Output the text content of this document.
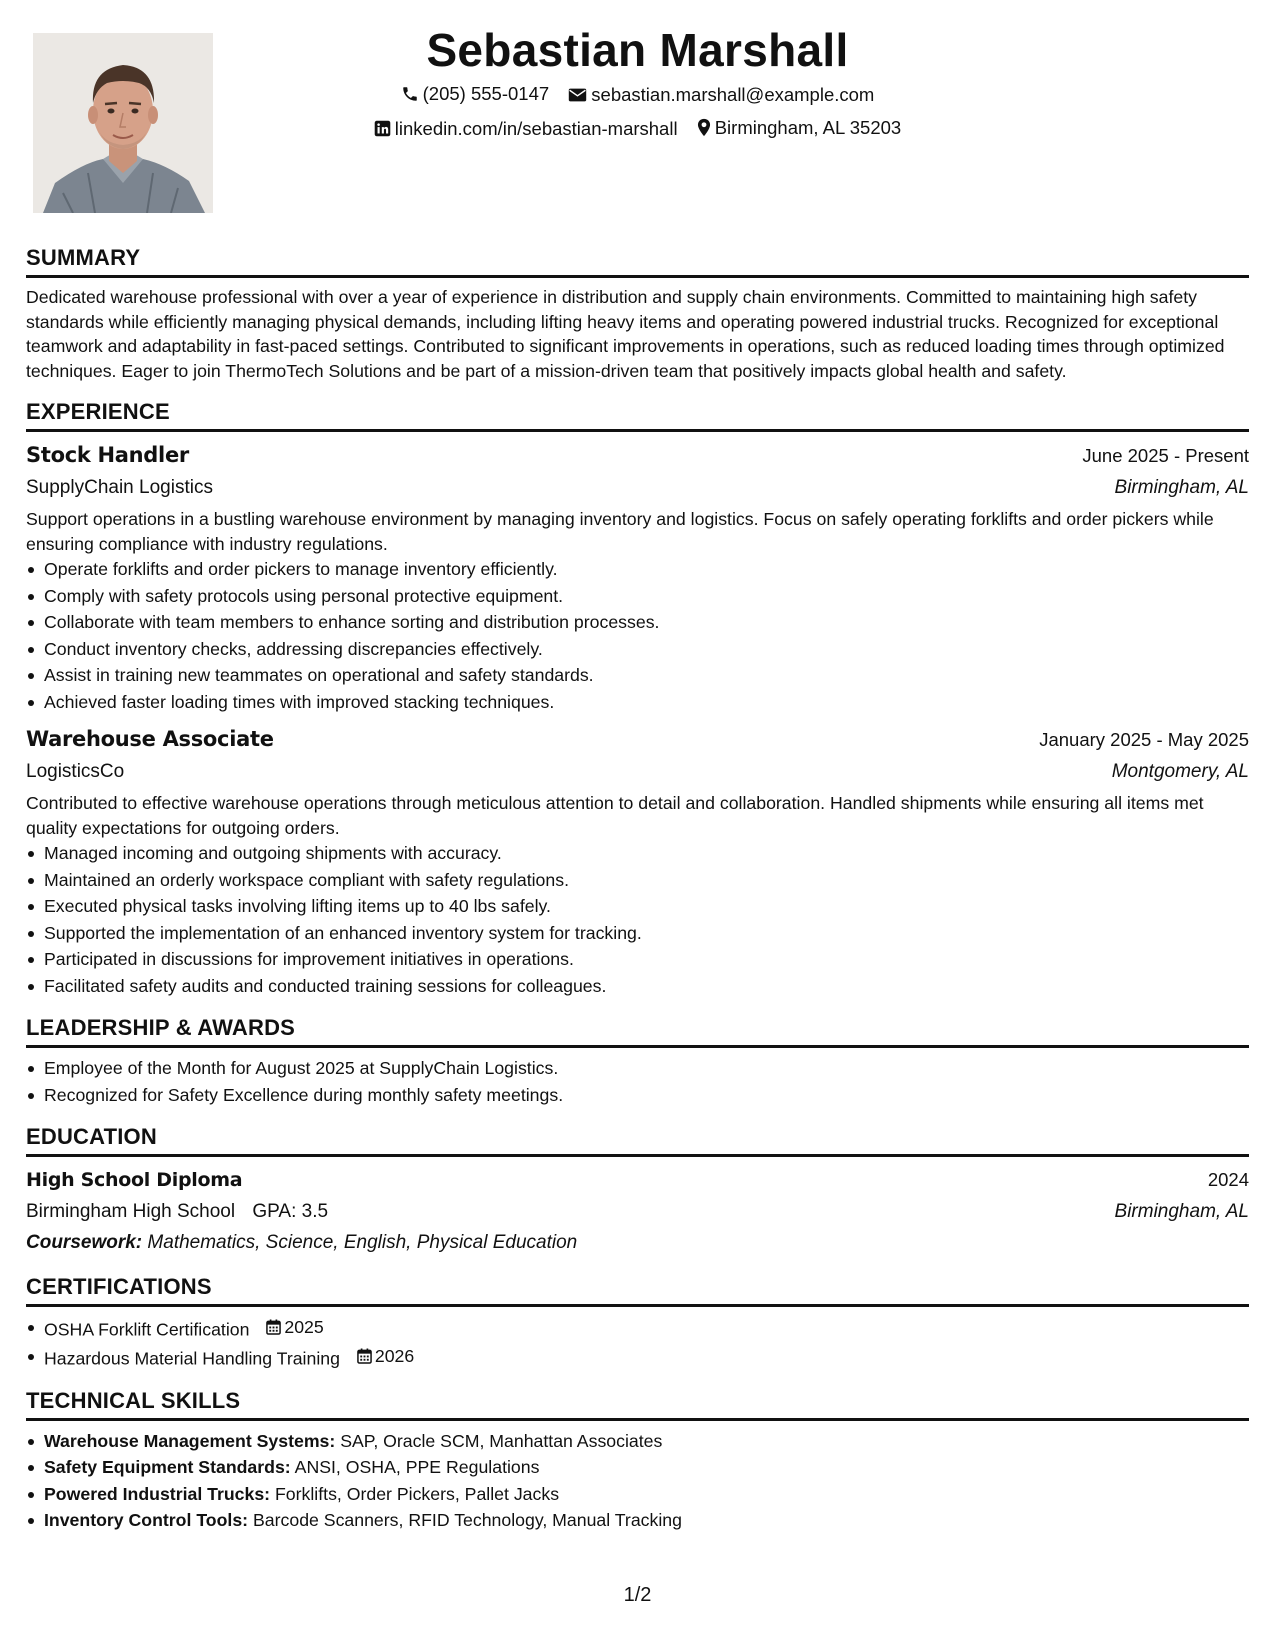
Sebastian Marshall
(205) 555-0147
sebastian.marshall@example.com
linkedin.com/in/sebastian-marshall
Birmingham, AL 35203
SUMMARY
Dedicated warehouse professional with over a year of experience in distribution and supply chain environments. Committed to maintaining high safety standards while efficiently managing physical demands, including lifting heavy items and operating powered industrial trucks. Recognized for exceptional teamwork and adaptability in fast-paced settings. Contributed to significant improvements in operations, such as reduced loading times through optimized techniques. Eager to join ThermoTech Solutions and be part of a mission-driven team that positively impacts global health and safety.
EXPERIENCE
Stock Handler	June 2025 - Present
SupplyChain Logistics	Birmingham, AL
Support operations in a bustling warehouse environment by managing inventory and logistics. Focus on safely operating forklifts and order pickers while ensuring compliance with industry regulations.
Operate forklifts and order pickers to manage inventory efficiently.
Comply with safety protocols using personal protective equipment.
Collaborate with team members to enhance sorting and distribution processes.
Conduct inventory checks, addressing discrepancies effectively.
Assist in training new teammates on operational and safety standards.
Achieved faster loading times with improved stacking techniques.
Warehouse Associate	January 2025 - May 2025
LogisticsCo	Montgomery, AL
Contributed to effective warehouse operations through meticulous attention to detail and collaboration. Handled shipments while ensuring all items met quality expectations for outgoing orders.
Managed incoming and outgoing shipments with accuracy.
Maintained an orderly workspace compliant with safety regulations.
Executed physical tasks involving lifting items up to 40 lbs safely.
Supported the implementation of an enhanced inventory system for tracking.
Participated in discussions for improvement initiatives in operations.
Facilitated safety audits and conducted training sessions for colleagues.
LEADERSHIP & AWARDS
Employee of the Month for August 2025 at SupplyChain Logistics.
Recognized for Safety Excellence during monthly safety meetings.
EDUCATION
High School Diploma	2024
Birmingham High School GPA: 3.5	Birmingham, AL
Coursework: Mathematics, Science, English, Physical Education
CERTIFICATIONS
OSHA Forklift Certification 2025
Hazardous Material Handling Training 2026
TECHNICAL SKILLS
Warehouse Management Systems: SAP, Oracle SCM, Manhattan Associates
Safety Equipment Standards: ANSI, OSHA, PPE Regulations
Powered Industrial Trucks: Forklifts, Order Pickers, Pallet Jacks
Inventory Control Tools: Barcode Scanners, RFID Technology, Manual Tracking
1/2
